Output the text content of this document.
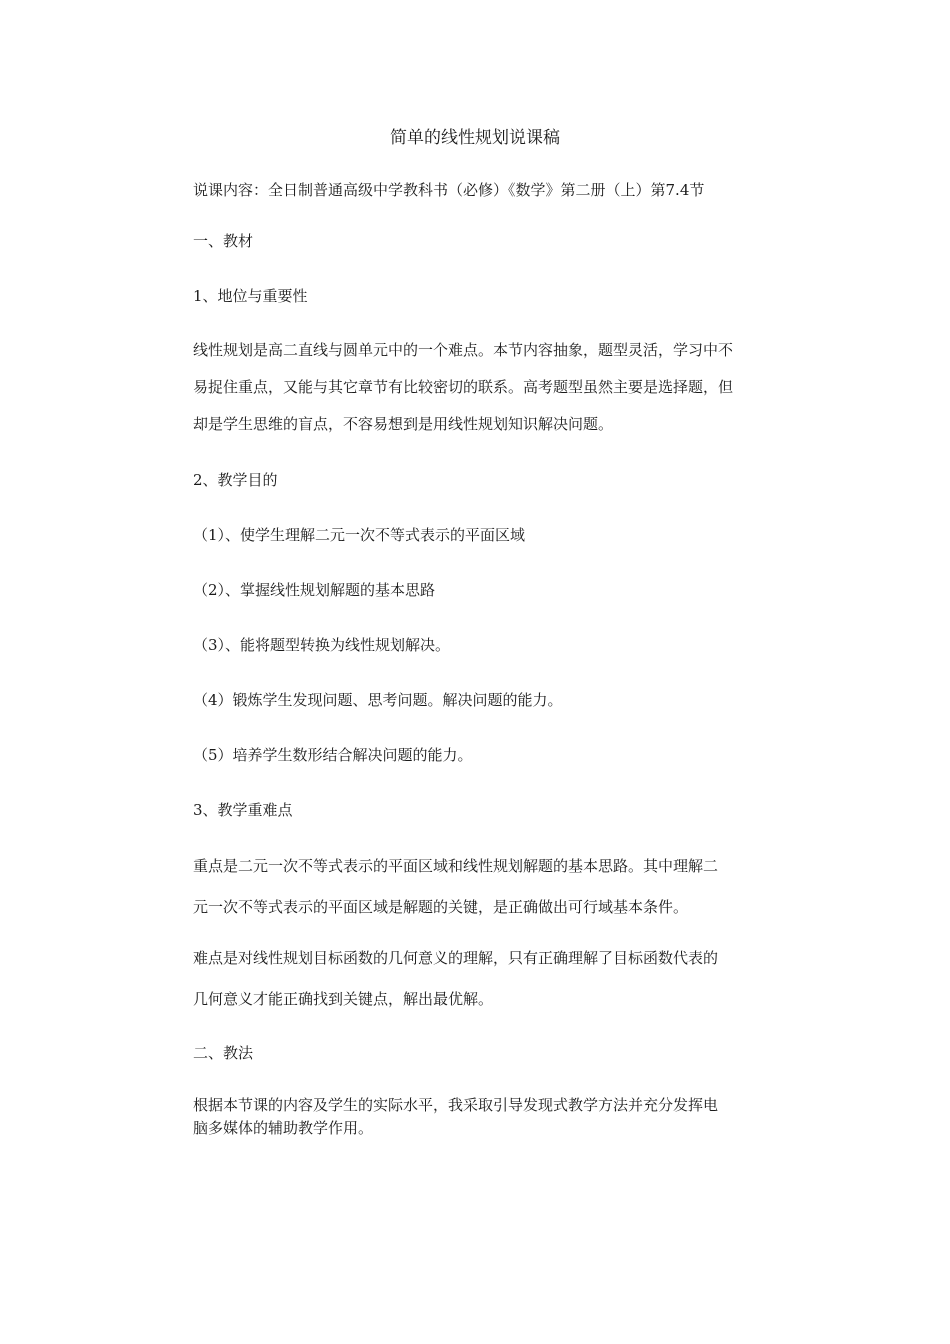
简单的线性规划说课稿
说课内容：全日制普通高级中学教科书（必修）《数学》第二册（上）第7.4节
一、教材
1、地位与重要性
线性规划是高二直线与圆单元中的一个难点。本节内容抽象，题型灵活，学习中不
易捉住重点，又能与其它章节有比较密切的联系。高考题型虽然主要是选择题，但
却是学生思维的盲点，不容易想到是用线性规划知识解决问题。
2、教学目的
（1）、使学生理解二元一次不等式表示的平面区域
（2）、掌握线性规划解题的基本思路
（3）、能将题型转换为线性规划解决。
（4）锻炼学生发现问题、思考问题。解决问题的能力。
（5）培养学生数形结合解决问题的能力。
3、教学重难点
重点是二元一次不等式表示的平面区域和线性规划解题的基本思路。其中理解二
元一次不等式表示的平面区域是解题的关键，是正确做出可行域基本条件。
难点是对线性规划目标函数的几何意义的理解，只有正确理解了目标函数代表的
几何意义才能正确找到关键点，解出最优解。
二、教法
根据本节课的内容及学生的实际水平，我采取引导发现式教学方法并充分发挥电
脑多媒体的辅助教学作用。
